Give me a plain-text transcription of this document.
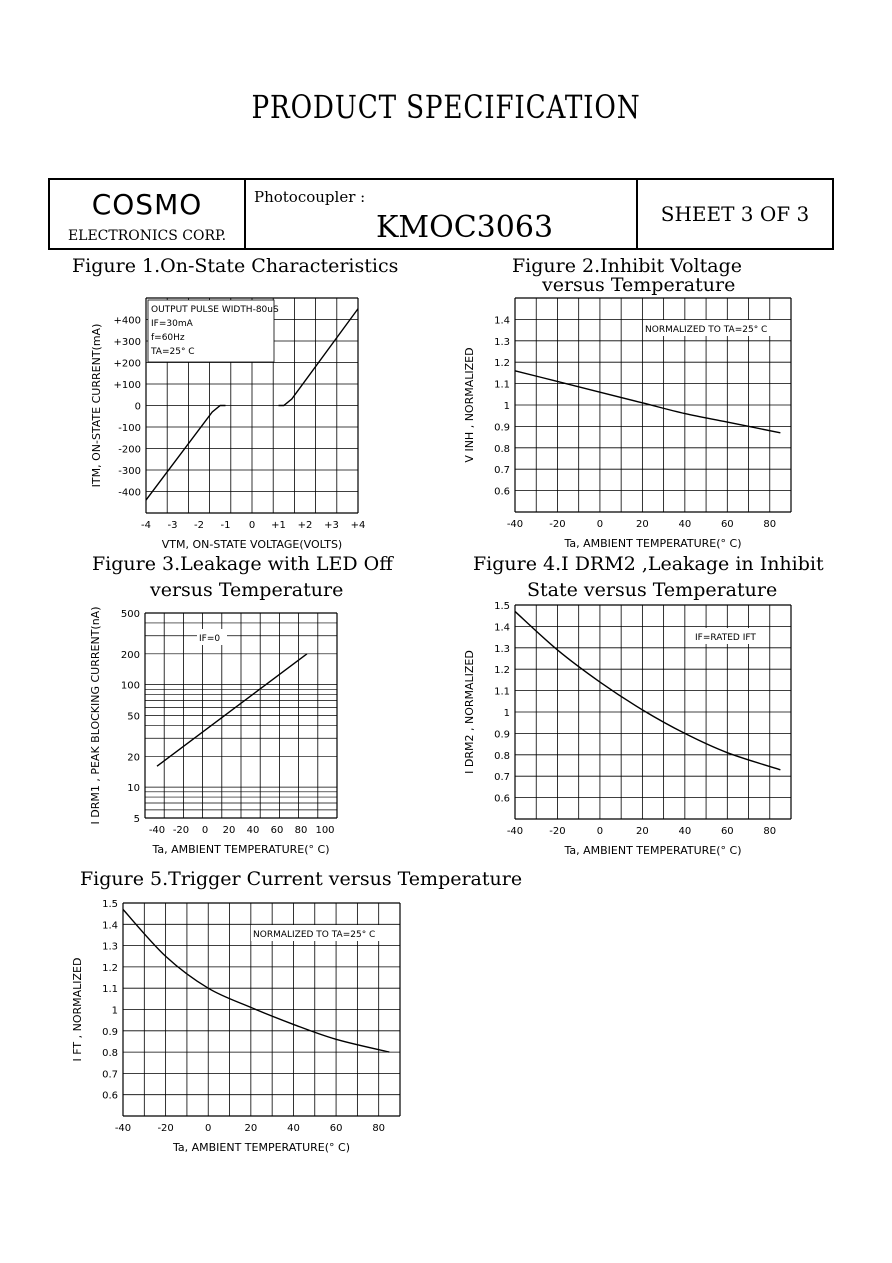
PRODUCT SPECIFICATION
COSMO
ELECTRONICS CORP.
Photocoupler :
KMOC3063	SHEET 3 OF 3
Figure 1.On-State Characteristics	Figure 2.Inhibit Voltage
versus Temperature
Figure 3.Leakage with LED Off
versus Temperature
Figure 4.I DRM2 ,Leakage in Inhibit
State versus Temperature
Figure 5.Trigger Current versus Temperature
-4 -3 -2 -1 0 +1 +2 +3 +4
+400
+300
+200
+100
0
-100
-200
-300
-400
VTM, ON-STATE VOLTAGE(VOLTS)
ITM, ON-STATE CURRENT(mA)
OUTPUT PULSE WIDTH-80uS
IF=30mA
f=60Hz
TA=25° C
-40	-20	0	20	40	60	80
1.4
1.3
1.2
1.1
1
0.9
0.8
0.7
0.6
Ta, AMBIENT TEMPERATURE(° C)
V INH , NORMALIZED
NORMALIZED TO TA=25° C
-40 -20 0 20 40 60 80 100
500
200
100
50
20
10
5
Ta, AMBIENT TEMPERATURE(° C)
I DRM1 , PEAK BLOCKING CURRENT(nA)	IF=0
-40	-20	0	20	40	60	80
1.5
1.4
1.3
1.2
1.1
1
0.9
0.8
0.7
0.6
Ta, AMBIENT TEMPERATURE(° C)
I DRM2 , NORMALIZED
IF=RATED IFT
-40	-20	0	20	40	60	80
1.5
1.4
1.3
1.2
1.1
1
0.9
0.8
0.7
0.6
Ta, AMBIENT TEMPERATURE(° C)
I FT , NORMALIZED
NORMALIZED TO TA=25° C
